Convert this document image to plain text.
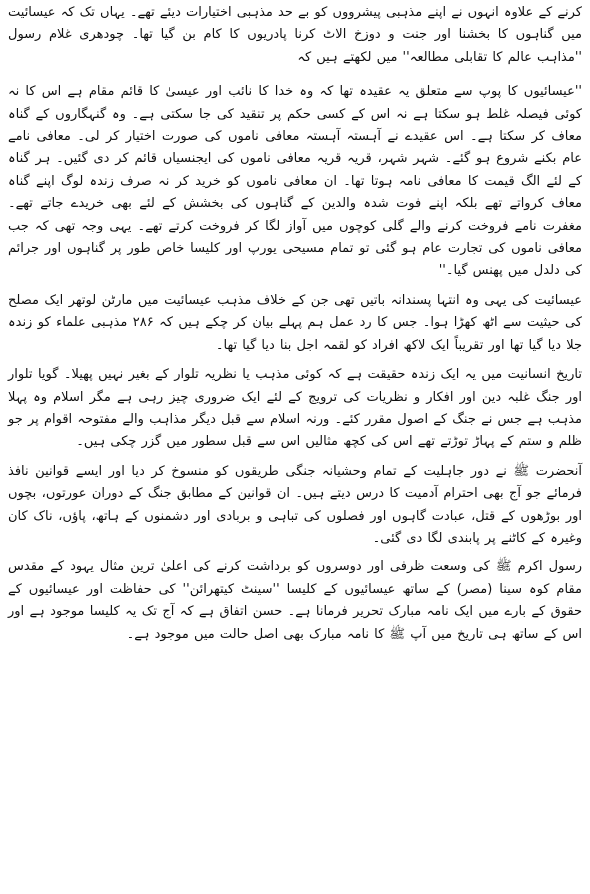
کرنے کے علاوہ انہوں نے اپنے مذہبی پیشرووں کو بے حد مذہبی اختیارات دیئے تھے۔ یہاں تک کہ عیسائیت میں گناہوں کا بخشنا اور جنت و دوزخ الاٹ کرنا پادریوں کا کام بن گیا تھا۔ چودھری غلام رسول ''مذاہب عالم کا تقابلی مطالعہ'' میں لکھتے ہیں کہ

''عیسائیوں کا پوپ سے متعلق یہ عقیدہ تھا کہ وہ خدا کا نائب اور عیسیٰ کا قائم مقام ہے اس کا نہ کوئی فیصلہ غلط ہو سکتا ہے نہ اس کے کسی حکم پر تنقید کی جا سکتی ہے۔ وہ گنہگاروں کے گناہ معاف کر سکتا ہے۔ اس عقیدے نے آہستہ آہستہ معافی ناموں کی صورت اختیار کر لی۔ معافی نامے عام بکنے شروع ہو گئے۔ شہر شہر، قریہ قریہ معافی ناموں کی ایجنسیاں قائم کر دی گئیں۔ ہر گناہ کے لئے الگ قیمت کا معافی نامہ ہوتا تھا۔ ان معافی ناموں کو خرید کر نہ صرف زندہ لوگ اپنے گناہ معاف کرواتے تھے بلکہ اپنے فوت شدہ والدین کے گناہوں کی بخشش کے لئے بھی خریدے جاتے تھے۔ مغفرت نامے فروخت کرنے والے گلی کوچوں میں آواز لگا کر فروخت کرتے تھے۔ یہی وجہ تھی کہ جب معافی ناموں کی تجارت عام ہو گئی تو تمام مسیحی یورپ اور کلیسا خاص طور پر گناہوں اور جرائم کی دلدل میں پھنس گیا۔''

عیسائیت کی یہی وہ انتہا پسندانہ باتیں تھی جن کے خلاف مذہب عیسائیت میں مارٹن لوتھر ایک مصلح کی حیثیت سے اٹھ کھڑا ہوا۔ جس کا رد عمل ہم پہلے بیان کر چکے ہیں کہ ۲۸۶ مذہبی علماء کو زندہ جلا دیا گیا تھا اور تقریباً ایک لاکھ افراد کو لقمہ اجل بنا دیا گیا تھا۔

تاریخ انسانیت میں یہ ایک زندہ حقیقت ہے کہ کوئی مذہب یا نظریہ تلوار کے بغیر نہیں پھیلا۔ گویا تلوار اور جنگ غلبہ دین اور افکار و نظریات کی ترویج کے لئے ایک ضروری چیز رہی ہے مگر اسلام وہ پہلا مذہب ہے جس نے جنگ کے اصول مقرر کئے۔ ورنہ اسلام سے قبل دیگر مذاہب والے مفتوحہ اقوام پر جو ظلم و ستم کے پہاڑ توڑتے تھے اس کی کچھ مثالیں اس سے قبل سطور میں گزر چکی ہیں۔

آنحضرت ﷺ نے دور جاہلیت کے تمام وحشیانہ جنگی طریقوں کو منسوخ کر دیا اور ایسے قوانین نافذ فرمائے جو آج بھی احترام آدمیت کا درس دیتے ہیں۔ ان قوانین کے مطابق جنگ کے دوران عورتوں، بچوں اور بوڑھوں کے قتل، عبادت گاہوں اور فصلوں کی تباہی و بربادی اور دشمنوں کے ہاتھ، پاؤں، ناک کان وغیرہ کے کاٹنے پر پابندی لگا دی گئی۔

رسول اکرم ﷺ کی وسعت ظرفی اور دوسروں کو برداشت کرنے کی اعلیٰ ترین مثال یہود کے مقدس مقام کوہ سینا (مصر) کے ساتھ عیسائیوں کے کلیسا ''سینٹ کیتھرائن'' کی حفاظت اور عیسائیوں کے حقوق کے بارے میں ایک نامہ مبارک تحریر فرمانا ہے۔ حسن اتفاق ہے کہ آج تک یہ کلیسا موجود ہے اور اس کے ساتھ ہی تاریخ میں آپ ﷺ کا نامہ مبارک بھی اصل حالت میں موجود ہے۔
